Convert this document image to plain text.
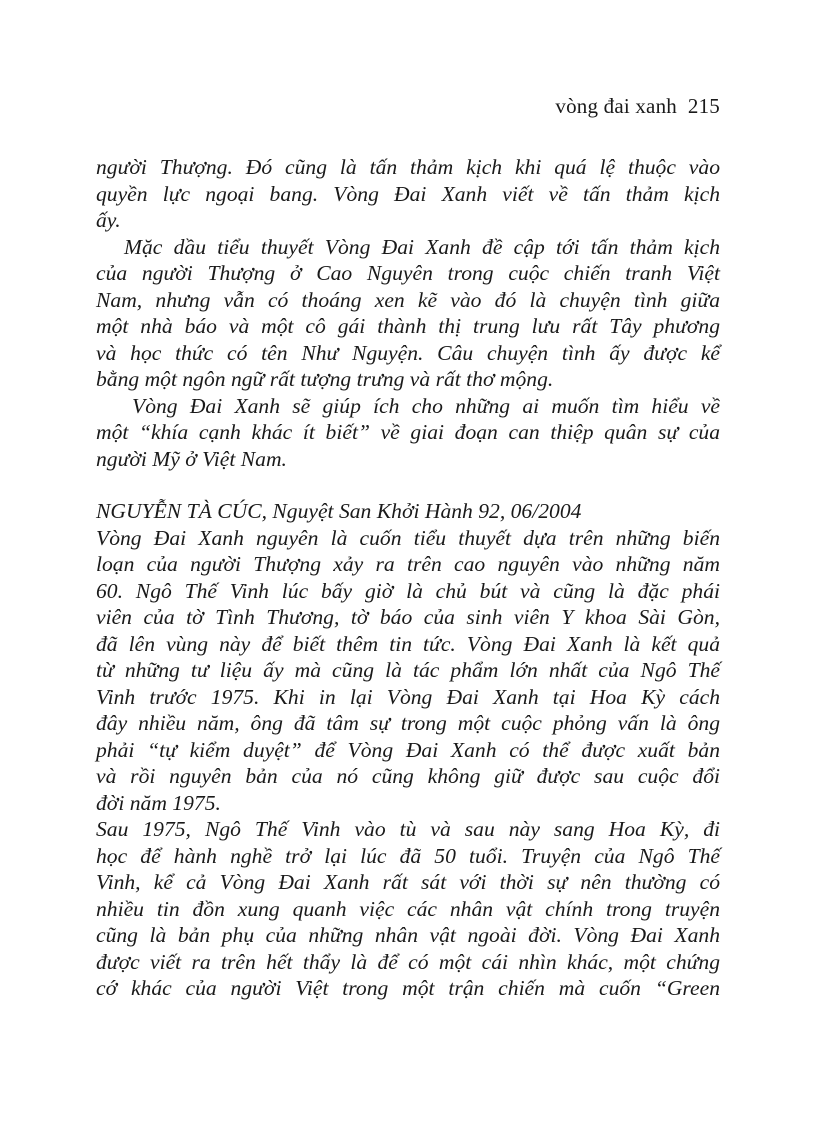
vòng đai xanh 215
người Thượng. Đó cũng là tấn thảm kịch khi quá lệ thuộc vào
quyền lực ngoại bang. Vòng Đai Xanh viết về tấn thảm kịch
ấy.
Mặc dầu tiểu thuyết Vòng Đai Xanh đề cập tới tấn thảm kịch
của người Thượng ở Cao Nguyên trong cuộc chiến tranh Việt
Nam, nhưng vẫn có thoáng xen kẽ vào đó là chuyện tình giữa
một nhà báo và một cô gái thành thị trung lưu rất Tây phương
và học thức có tên Như Nguyện. Câu chuyện tình ấy được kể
bằng một ngôn ngữ rất tượng trưng và rất thơ mộng.
Vòng Đai Xanh sẽ giúp ích cho những ai muốn tìm hiểu về
một “khía cạnh khác ít biết” về giai đoạn can thiệp quân sự của
người Mỹ ở Việt Nam.
NGUYỄN TÀ CÚC, Nguyệt San Khởi Hành 92, 06/2004
Vòng Đai Xanh nguyên là cuốn tiểu thuyết dựa trên những biến
loạn của người Thượng xảy ra trên cao nguyên vào những năm
60. Ngô Thế Vinh lúc bấy giờ là chủ bút và cũng là đặc phái
viên của tờ Tình Thương, tờ báo của sinh viên Y khoa Sài Gòn,
đã lên vùng này để biết thêm tin tức. Vòng Đai Xanh là kết quả
từ những tư liệu ấy mà cũng là tác phẩm lớn nhất của Ngô Thế
Vinh trước 1975. Khi in lại Vòng Đai Xanh tại Hoa Kỳ cách
đây nhiều năm, ông đã tâm sự trong một cuộc phỏng vấn là ông
phải “tự kiểm duyệt” để Vòng Đai Xanh có thể được xuất bản
và rồi nguyên bản của nó cũng không giữ được sau cuộc đổi
đời năm 1975.
Sau 1975, Ngô Thế Vinh vào tù và sau này sang Hoa Kỳ, đi
học để hành nghề trở lại lúc đã 50 tuổi. Truyện của Ngô Thế
Vinh, kể cả Vòng Đai Xanh rất sát với thời sự nên thường có
nhiều tin đồn xung quanh việc các nhân vật chính trong truyện
cũng là bản phụ của những nhân vật ngoài đời. Vòng Đai Xanh
được viết ra trên hết thẩy là để có một cái nhìn khác, một chứng
cớ khác của người Việt trong một trận chiến mà cuốn “Green
